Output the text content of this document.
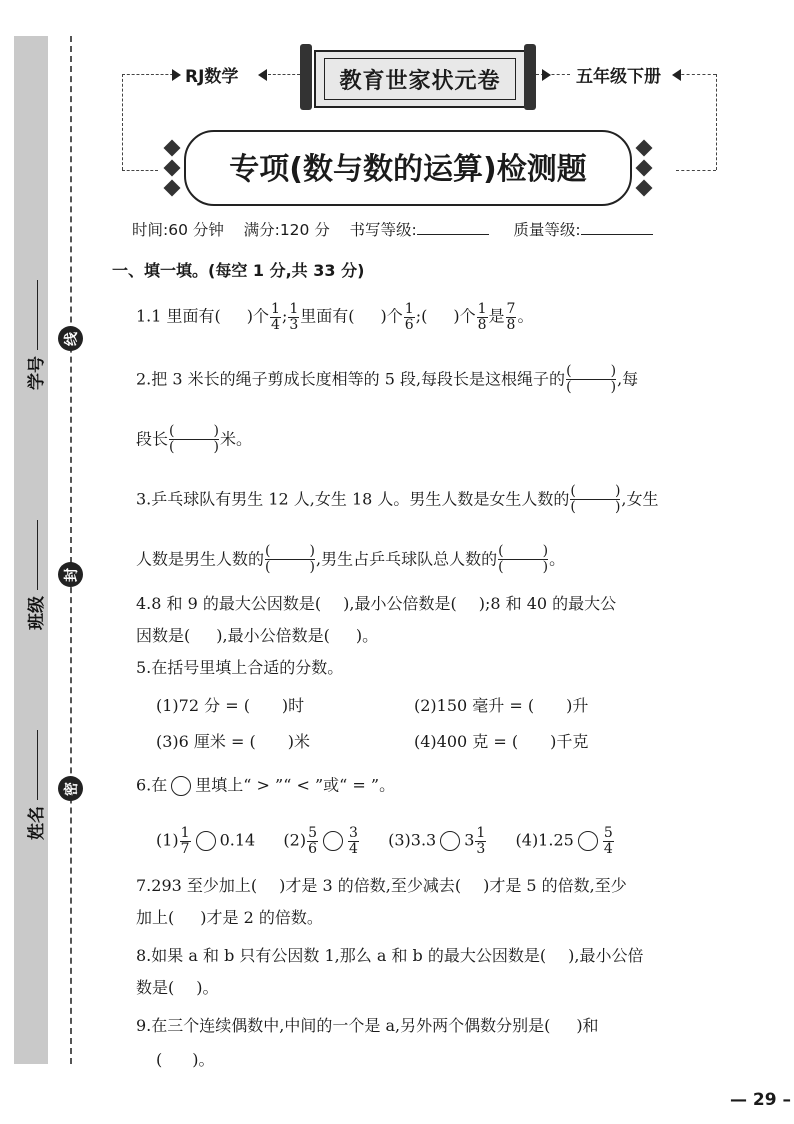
学号
班级
姓名
线
封
密
RJ数学	五年级下册
教育世家状元卷
专项(数与数的运算)检测题
时间:60 分钟 满分:120 分 书写等级:	质量等级:
一、填一填。(每空 1 分,共 33 分)
1.1 里面有( )个 $\frac{1}{4}$ ; $\frac{1}{3}$ 里面有( )个 $\frac{1}{6}$ ;( )个 $\frac{1}{8}$ 是 $\frac{7}{8}$ 。
2.把 3 米长的绳子剪成长度相等的 5 段,每段长是这根绳子的 (	)
(	) ,每
段长 (	)
(	) 米。
3.乒乓球队有男生 12 人,女生 18 人。男生人数是女生人数的 (	)
(	) ,女生
人数是男生人数的 (	)
(	) ,男生占乒乓球队总人数的 (	)
(	) 。
4.8 和 9 的最大公因数是( ),最小公倍数是( );8 和 40 的最大公
因数是( ),最小公倍数是( )。
5.在括号里填上合适的分数。
(1)72 分 = (　　)时	(2)150 毫升 = (　　)升
(3)6 厘米 = (　　)米	(4)400 克 = (　　)千克
6.在 里填上“ > ”“ < ”或“ = ”。
$(1) \frac{1}{7} 0.14$ $(2) \frac{5}{6} \frac{3}{4} (3)3.3$ $3 \frac{1}{3} (4)1.25 \frac{5}{4}$
7.293 至少加上( )才是 3 的倍数,至少减去( )才是 5 的倍数,至少
加上( )才是 2 的倍数。
8.如果 a 和 b 只有公因数 1,那么 a 和 b 的最大公因数是( ),最小公倍
数是( )。
9.在三个连续偶数中,中间的一个是 a,另外两个偶数分别是( )和
( )。
— 29 –
